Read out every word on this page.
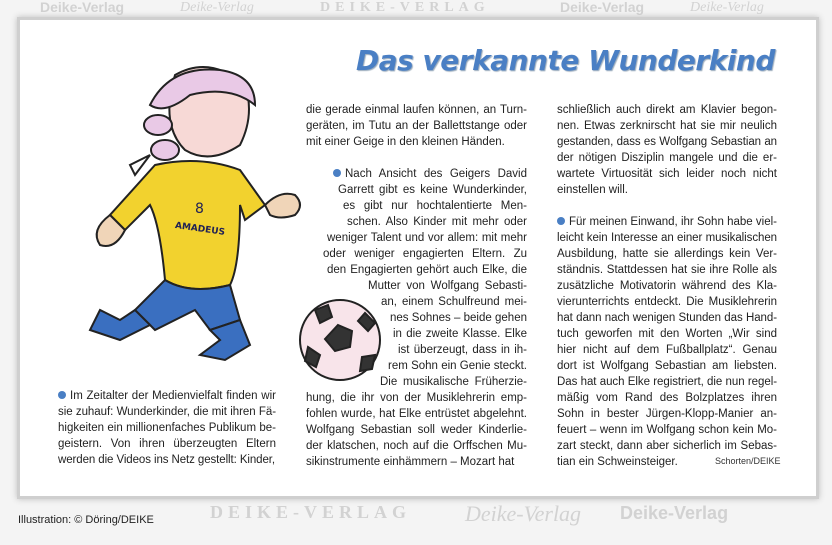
Deike-Verlag	Deike-Verlag	DEIKE-VERLAG	Deike-Verlag	Deike-Verlag
DEIKE-VERLAG Deike-Verlag Deike-Verlag
Das verkannte Wunderkind
8
AMADEUS
Im Zeitalter der Medienvielfalt finden wir
sie zuhauf: Wunderkinder, die mit ihren Fä-
higkeiten ein millionenfaches Publikum be-
geistern. Von ihren überzeugten Eltern
werden die Videos ins Netz gestellt: Kinder,
die gerade einmal laufen können, an Turn-
geräten, im Tutu an der Ballettstange oder
mit einer Geige in den kleinen Händen.
Nach Ansicht des Geigers David
Garrett gibt es keine Wunderkinder,
es gibt nur hochtalentierte Men-
schen. Also Kinder mit mehr oder
weniger Talent und vor allem: mit mehr
oder weniger engagierten Eltern. Zu
den Engagierten gehört auch Elke, die
Mutter von Wolfgang Sebasti-
an, einem Schulfreund mei-
nes Sohnes – beide gehen
in die zweite Klasse. Elke
ist überzeugt, dass in ih-
rem Sohn ein Genie steckt.
Die musikalische Früherzie-
hung, die ihr von der Musiklehrerin emp-
fohlen wurde, hat Elke entrüstet abgelehnt.
Wolfgang Sebastian soll weder Kinderlie-
der klatschen, noch auf die Orffschen Mu-
sikinstrumente einhämmern – Mozart hat
schließlich auch direkt am Klavier begon-
nen. Etwas zerknirscht hat sie mir neulich
gestanden, dass es Wolfgang Sebastian an
der nötigen Disziplin mangele und die er-
wartete Virtuosität sich leider noch nicht
einstellen will.
Für meinen Einwand, ihr Sohn habe viel-
leicht kein Interesse an einer musikalischen
Ausbildung, hatte sie allerdings kein Ver-
ständnis. Stattdessen hat sie ihre Rolle als
zusätzliche Motivatorin während des Kla-
vierunterrichts entdeckt. Die Musiklehrerin
hat dann nach wenigen Stunden das Hand-
tuch geworfen mit den Worten „Wir sind
hier nicht auf dem Fußballplatz“. Genau
dort ist Wolfgang Sebastian am liebsten.
Das hat auch Elke registriert, die nun regel-
mäßig vom Rand des Bolzplatzes ihren
Sohn in bester Jürgen-Klopp-Manier an-
feuert – wenn im Wolfgang schon kein Mo-
zart steckt, dann aber sicherlich im Sebas-
tian ein Schweinsteiger.	Schorten/DEIKE
Illustration: © Döring/DEIKE
